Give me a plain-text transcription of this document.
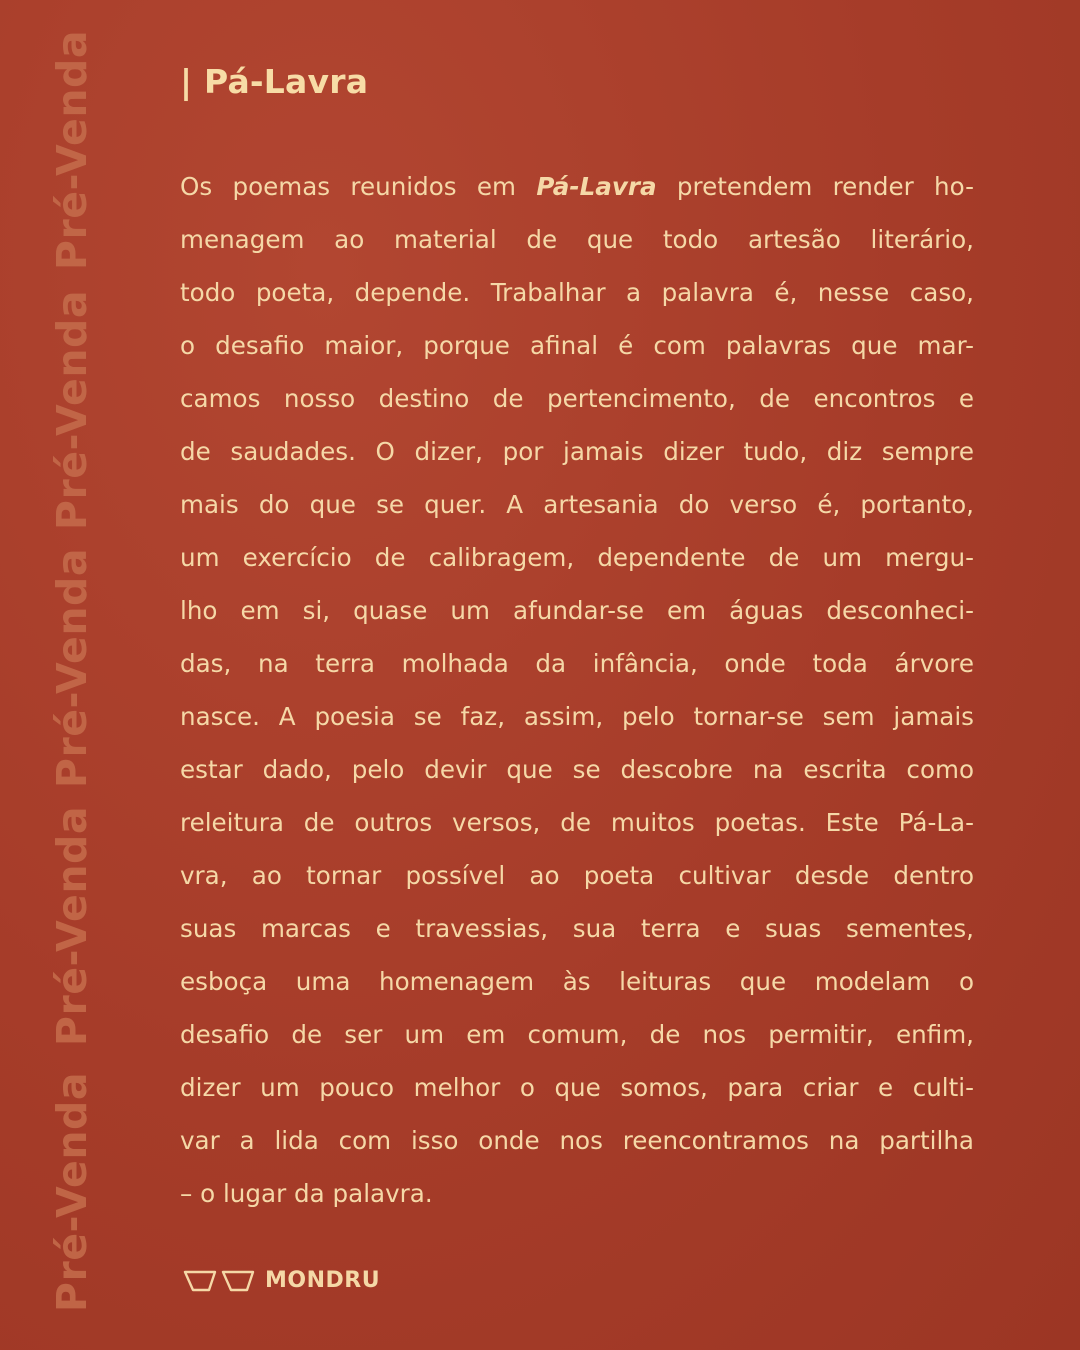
Pré-Venda
Pré-Venda
Pré-Venda
Pré-Venda
Pré-Venda
| Pá-Lavra
Os poemas reunidos em Pá-Lavra pretendem render ho-
menagem ao material de que todo artesão literário,
todo poeta, depende. Trabalhar a palavra é, nesse caso,
o desafio maior, porque afinal é com palavras que mar-
camos nosso destino de pertencimento, de encontros e
de saudades. O dizer, por jamais dizer tudo, diz sempre
mais do que se quer. A artesania do verso é, portanto,
um exercício de calibragem, dependente de um mergu-
lho em si, quase um afundar-se em águas desconheci-
das, na terra molhada da infância, onde toda árvore
nasce. A poesia se faz, assim, pelo tornar-se sem jamais
estar dado, pelo devir que se descobre na escrita como
releitura de outros versos, de muitos poetas. Este Pá-La-
vra, ao tornar possível ao poeta cultivar desde dentro
suas marcas e travessias, sua terra e suas sementes,
esboça uma homenagem às leituras que modelam o
desafio de ser um em comum, de nos permitir, enfim,
dizer um pouco melhor o que somos, para criar e culti-
var a lida com isso onde nos reencontramos na partilha
– o lugar da palavra.
MONDRU
